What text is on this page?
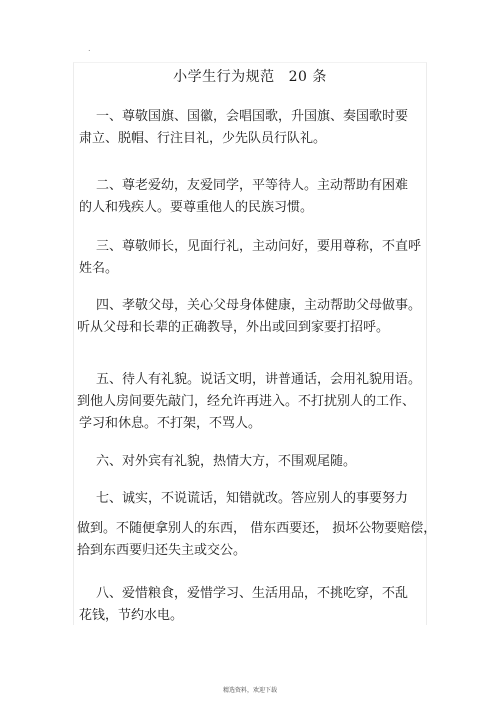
.
小学生行为规范 20 条
一、尊敬国旗、国徽，会唱国歌，升国旗、奏国歌时要
肃立、脱帽、行注目礼，少先队员行队礼。
二、尊老爱幼，友爱同学，平等待人。主动帮助有困难
的人和残疾人。要尊重他人的民族习惯。
三、尊敬师长，见面行礼，主动问好，要用尊称，不直呼
姓名。
四、孝敬父母，关心父母身体健康，主动帮助父母做事。
听从父母和长辈的正确教导，外出或回到家要打招呼。
五、待人有礼貌。说话文明，讲普通话，会用礼貌用语。
到他人房间要先敲门，经允许再进入。不打扰别人的工作、
学习和休息。不打架，不骂人。
六、对外宾有礼貌，热情大方，不围观尾随。
七、诚实，不说谎话，知错就改。答应别人的事要努力
做到。不随便拿别人的东西， 借东西要还， 损坏公物要赔偿，
拾到东西要归还失主或交公。
八、爱惜粮食，爱惜学习、生活用品，不挑吃穿，不乱
花钱，节约水电。
精选资料，欢迎下载
